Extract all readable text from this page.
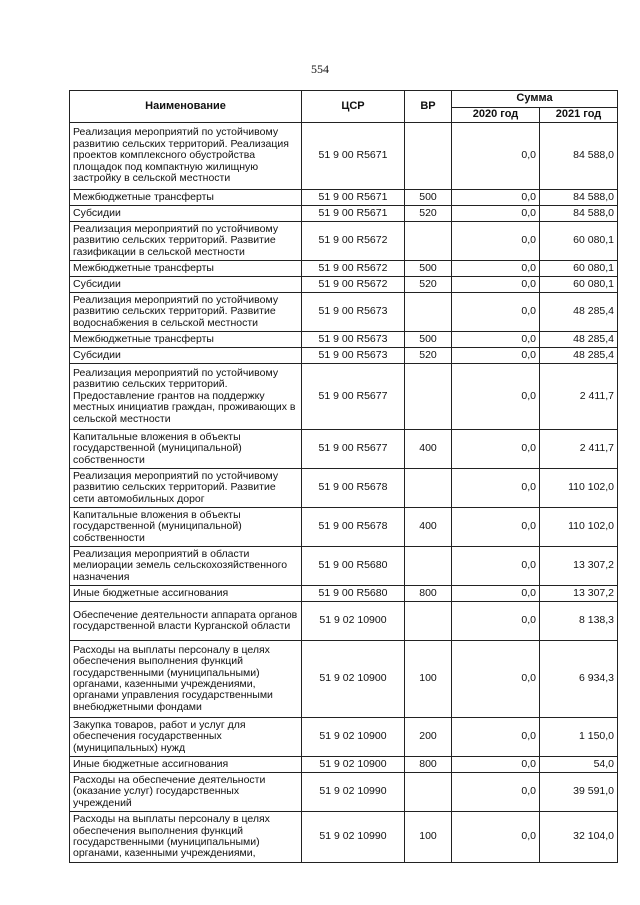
554
Наименование	ЦСР	ВР	Сумма	
			2020 год	2021 год
Реализация мероприятий по устойчивому развитию сельских территорий. Реализация проектов комплексного обустройства площадок под компактную жилищную застройку в сельской местности	51 9 00 R5671		0,0	84 588,0
Межбюджетные трансферты	51 9 00 R5671	500	0,0	84 588,0
Субсидии	51 9 00 R5671	520	0,0	84 588,0
Реализация мероприятий по устойчивому развитию сельских территорий. Развитие газификации в сельской местности	51 9 00 R5672		0,0	60 080,1
Межбюджетные трансферты	51 9 00 R5672	500	0,0	60 080,1
Субсидии	51 9 00 R5672	520	0,0	60 080,1
Реализация мероприятий по устойчивому развитию сельских территорий. Развитие водоснабжения в сельской местности	51 9 00 R5673		0,0	48 285,4
Межбюджетные трансферты	51 9 00 R5673	500	0,0	48 285,4
Субсидии	51 9 00 R5673	520	0,0	48 285,4
Реализация мероприятий по устойчивому развитию сельских территорий. Предоставление грантов на поддержку местных инициатив граждан, проживающих в сельской местности	51 9 00 R5677		0,0	2 411,7
Капитальные вложения в объекты государственной (муниципальной) собственности	51 9 00 R5677	400	0,0	2 411,7
Реализация мероприятий по устойчивому развитию сельских территорий. Развитие сети автомобильных дорог	51 9 00 R5678		0,0	110 102,0
Капитальные вложения в объекты государственной (муниципальной) собственности	51 9 00 R5678	400	0,0	110 102,0
Реализация мероприятий в области мелиорации земель сельскохозяйственного назначения	51 9 00 R5680		0,0	13 307,2
Иные бюджетные ассигнования	51 9 00 R5680	800	0,0	13 307,2
Обеспечение деятельности аппарата органов государственной власти Курганской области	51 9 02 10900		0,0	8 138,3
Расходы на выплаты персоналу в целях обеспечения выполнения функций государственными (муниципальными) органами, казенными учреждениями, органами управления государственными внебюджетными фондами	51 9 02 10900	100	0,0	6 934,3
Закупка товаров, работ и услуг для обеспечения государственных (муниципальных) нужд	51 9 02 10900	200	0,0	1 150,0
Иные бюджетные ассигнования	51 9 02 10900	800	0,0	54,0
Расходы на обеспечение деятельности (оказание услуг) государственных учреждений	51 9 02 10990		0,0	39 591,0
Расходы на выплаты персоналу в целях обеспечения выполнения функций государственными (муниципальными) органами, казенными учреждениями,	51 9 02 10990	100	0,0	32 104,0
